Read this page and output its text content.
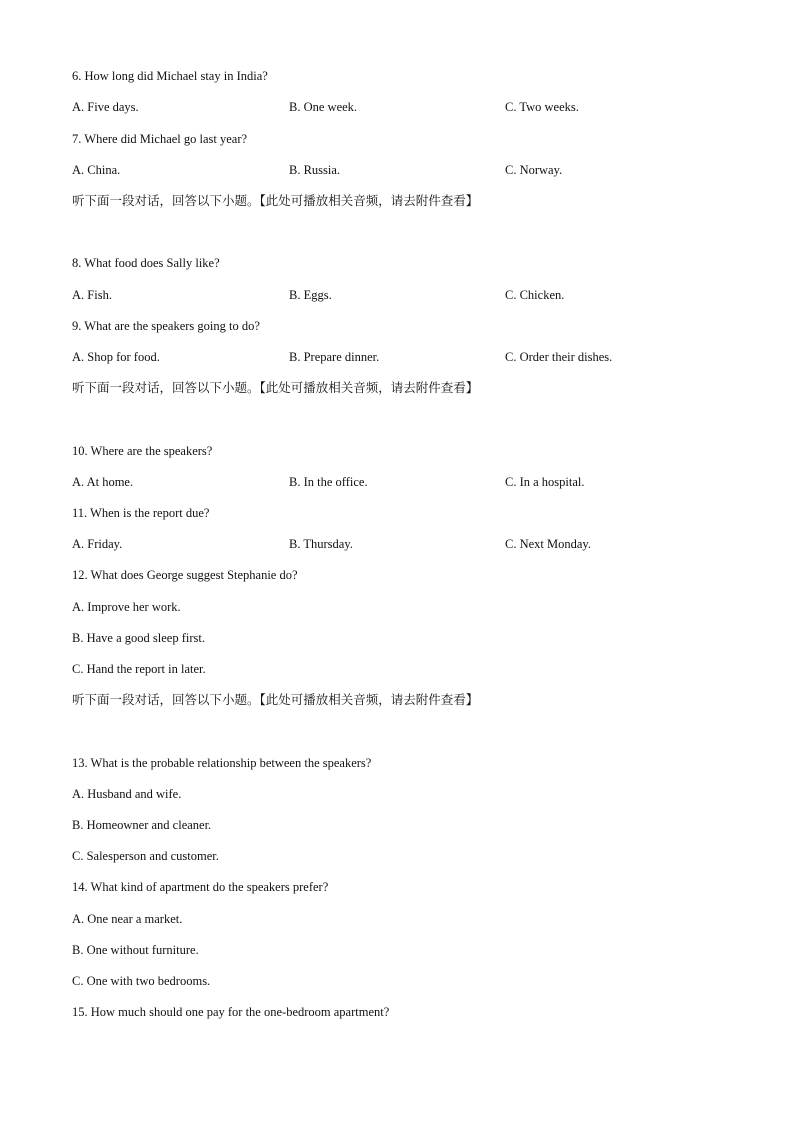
6. How long did Michael stay in India?
A. Five days.	B. One week.	C. Two weeks.
7. Where did Michael go last year?
A. China.	B. Russia.	C. Norway.
听下面一段对话，回答以下小题。【此处可播放相关音频，请去附件查看】
8. What food does Sally like?
A. Fish.	B. Eggs.	C. Chicken.
9. What are the speakers going to do?
A. Shop for food.	B. Prepare dinner.	C. Order their dishes.
听下面一段对话，回答以下小题。【此处可播放相关音频，请去附件查看】
10. Where are the speakers?
A. At home.	B. In the office.	C. In a hospital.
11. When is the report due?
A. Friday.	B. Thursday.	C. Next Monday.
12. What does George suggest Stephanie do?
A. Improve her work.
B. Have a good sleep first.
C. Hand the report in later.
听下面一段对话，回答以下小题。【此处可播放相关音频，请去附件查看】
13. What is the probable relationship between the speakers?
A. Husband and wife.
B. Homeowner and cleaner.
C. Salesperson and customer.
14. What kind of apartment do the speakers prefer?
A. One near a market.
B. One without furniture.
C. One with two bedrooms.
15. How much should one pay for the one-bedroom apartment?
